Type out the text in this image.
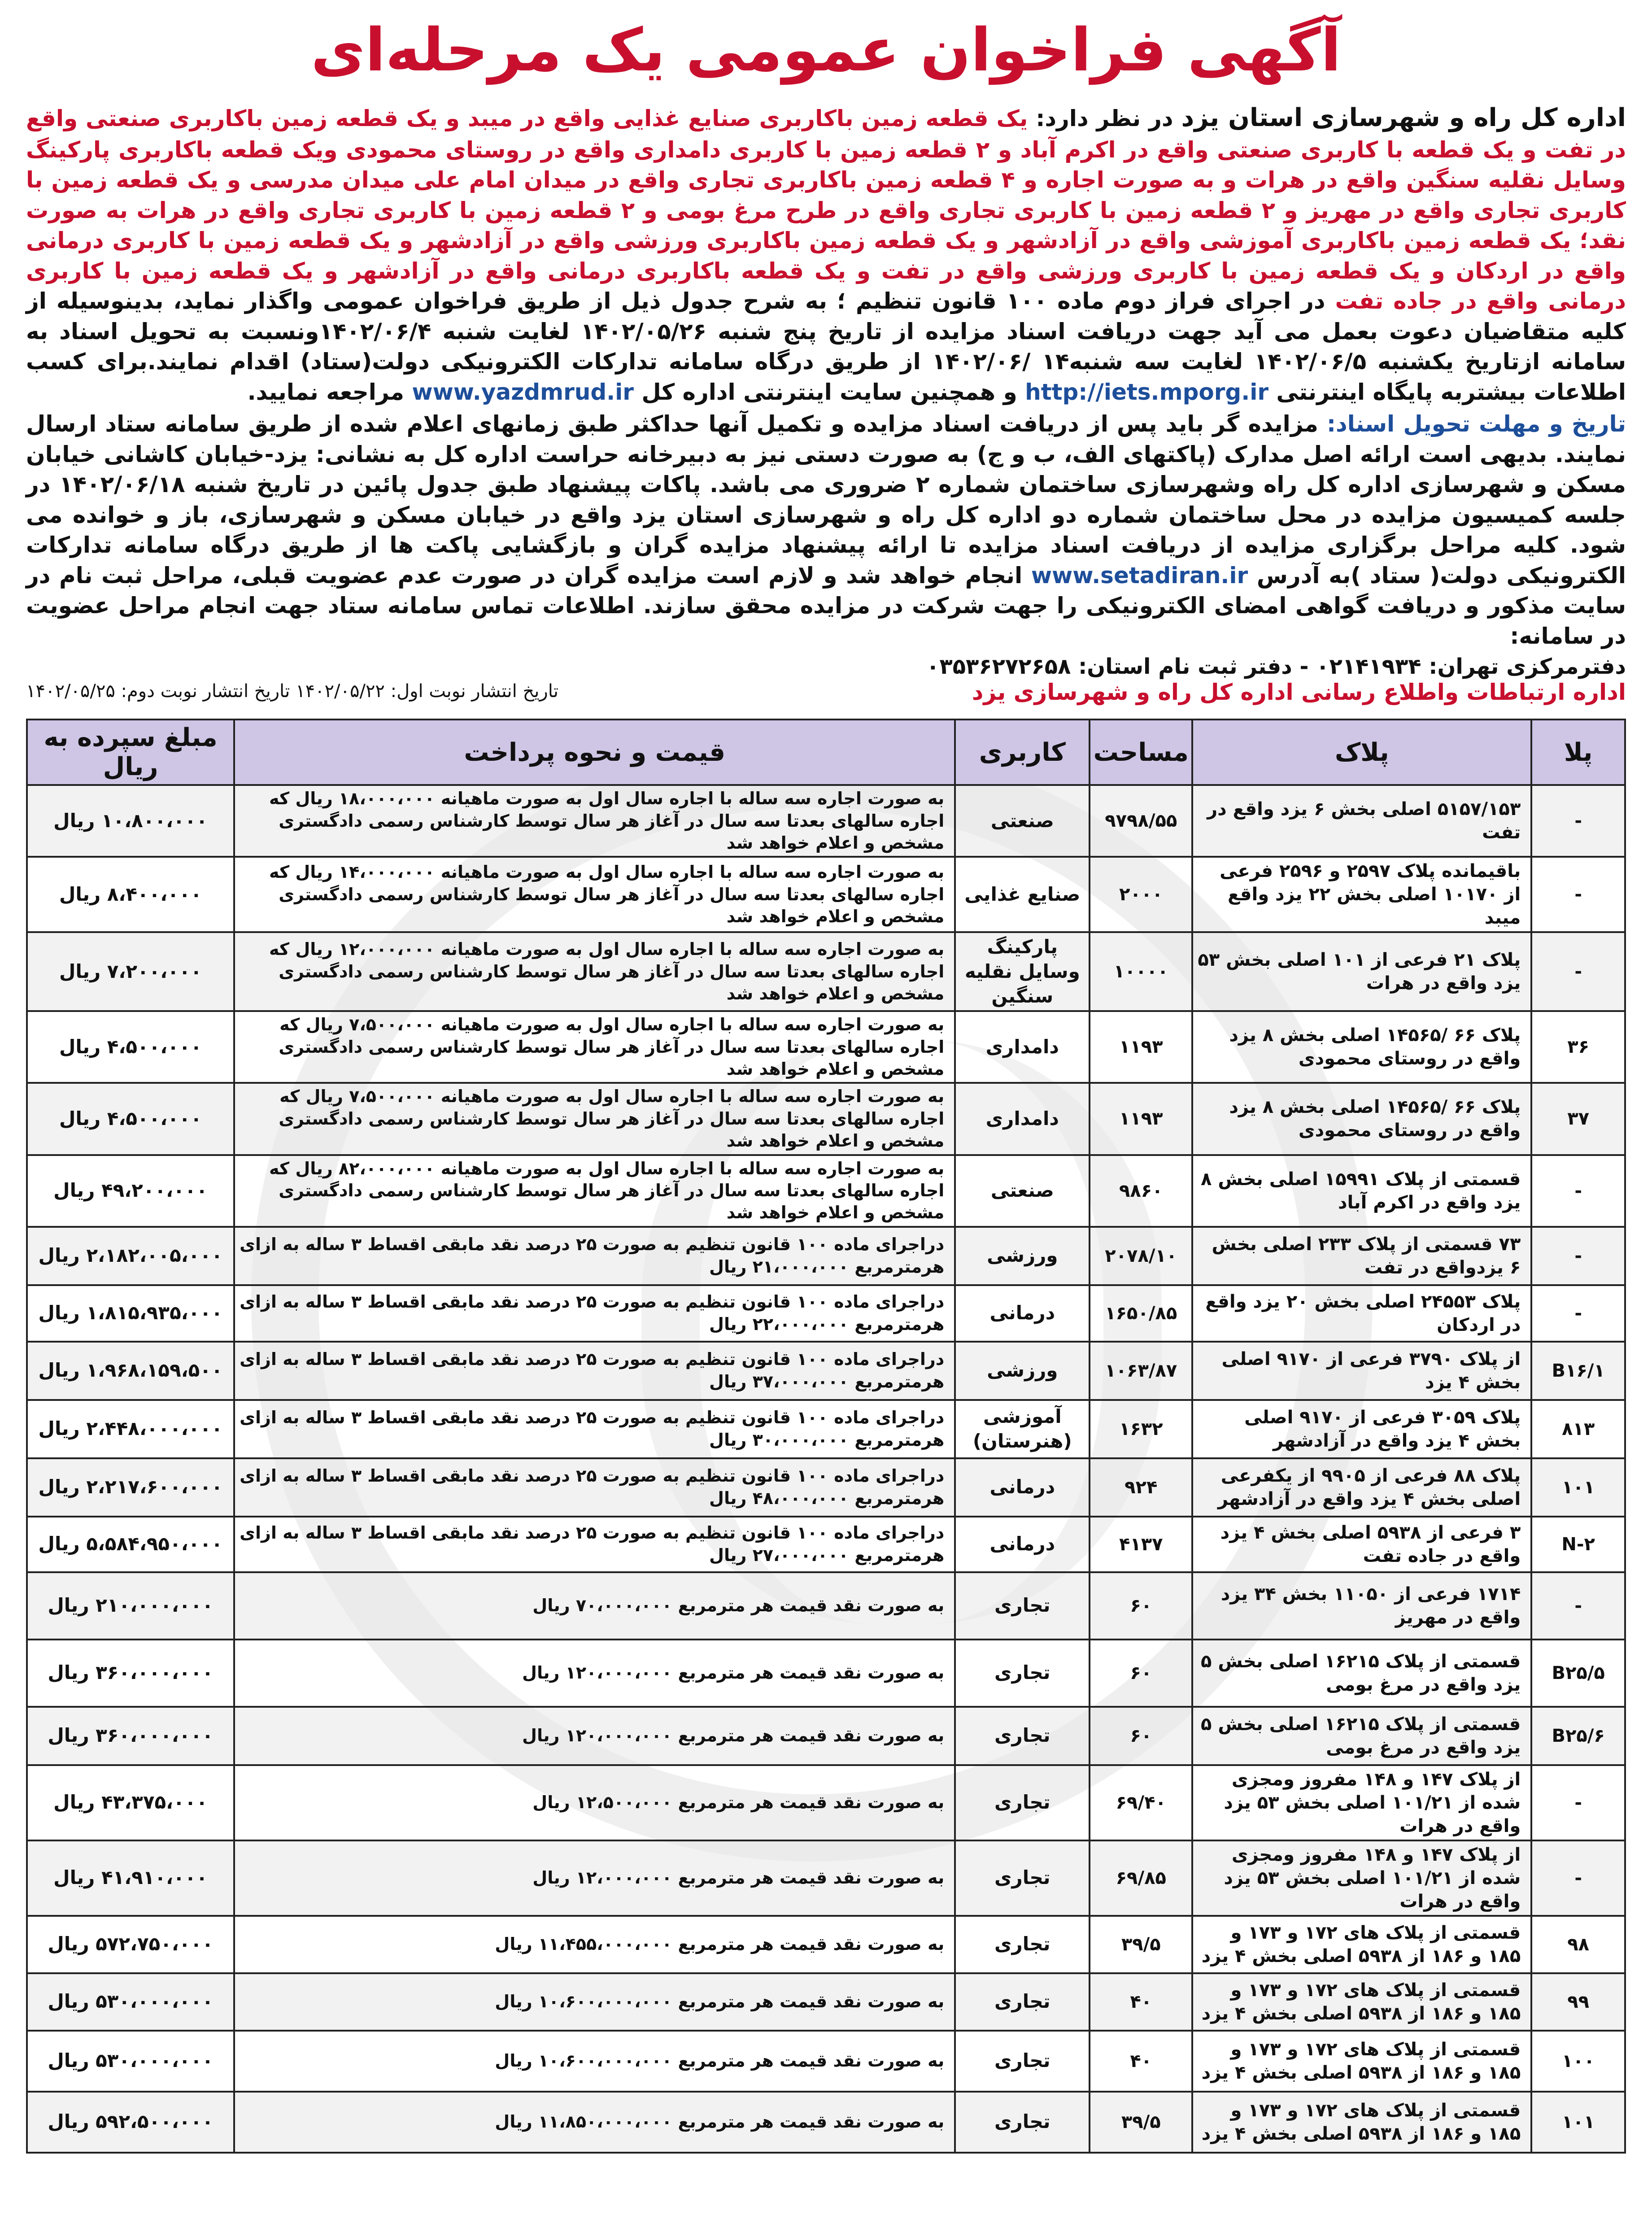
آگهی فراخوان عمومی یک مرحله‌ای

اداره کل راه و شهرسازی استان یزد در نظر دارد: یک قطعه زمین باکاربری صنایع غذایی واقع در میبد و یک قطعه زمین باکاربری صنعتی واقع در تفت و یک قطعه با کاربری صنعتی واقع در اکرم آباد و ۲ قطعه زمین با کاربری دامداری واقع در روستای محمودی ویک قطعه باکاربری پارکینگ وسایل نقلیه سنگین واقع در هرات و به صورت اجاره و ۴ قطعه زمین باکاربری تجاری واقع در میدان امام علی میدان مدرسی و یک قطعه زمین با کاربری تجاری واقع در مهریز و ۲ قطعه زمین با کاربری تجاری واقع در طرح مرغ بومی و ۲ قطعه زمین با کاربری تجاری واقع در هرات به صورت نقد؛ یک قطعه زمین باکاربری آموزشی واقع در آزادشهر و یک قطعه زمین باکاربری ورزشی واقع در آزادشهر و یک قطعه زمین با کاربری درمانی واقع در اردکان و یک قطعه زمین با کاربری ورزشی واقع در تفت و یک قطعه باکاربری درمانی واقع در آزادشهر و یک قطعه زمین با کاربری درمانی واقع در جاده تفت در اجرای فراز دوم ماده ۱۰۰ قانون تنظیم ؛ به شرح جدول ذیل از طریق فراخوان عمومی واگذار نماید، بدینوسیله از کلیه متقاضیان دعوت بعمل می آید جهت دریافت اسناد مزایده از تاریخ پنج شنبه ۱۴۰۲/۰۵/۲۶ لغایت شنبه ۱۴۰۲/۰۶/۴ونسبت به تحویل اسناد به سامانه ازتاریخ یکشنبه ۱۴۰۲/۰۶/۵ لغایت سه شنبه۱۴ /۱۴۰۲/۰۶ از طریق درگاه سامانه تدارکات الکترونیکی دولت(ستاد) اقدام نمایند.برای کسب اطلاعات بیشتربه پایگاه اینترنتی http://iets.mporg.ir و همچنین سایت اینترنتی اداره کل www.yazdmrud.ir مراجعه نمایید.

تاریخ و مهلت تحویل اسناد: مزایده گر باید پس از دریافت اسناد مزایده و تکمیل آنها حداکثر طبق زمانهای اعلام شده از طریق سامانه ستاد ارسال نمایند. بدیهی است ارائه اصل مدارک (پاکتهای الف، ب و ج) به صورت دستی نیز به دبیرخانه حراست اداره کل به نشانی: یزد-خیابان کاشانی خیابان مسکن و شهرسازی اداره کل راه وشهرسازی ساختمان شماره ۲ ضروری می باشد. پاکات پیشنهاد طبق جدول پائین در تاریخ شنبه ۱۴۰۲/۰۶/۱۸ در جلسه کمیسیون مزایده در محل ساختمان شماره دو اداره کل راه و شهرسازی استان یزد واقع در خیابان مسکن و شهرسازی، باز و خوانده می شود. کلیه مراحل برگزاری مزایده از دریافت اسناد مزایده تا ارائه پیشنهاد مزایده گران و بازگشایی پاکت ها از طریق درگاه سامانه تدارکات الکترونیکی دولت( ستاد )به آدرس www.setadiran.ir انجام خواهد شد و لازم است مزایده گران در صورت عدم عضویت قبلی، مراحل ثبت نام در سایت مذکور و دریافت گواهی امضای الکترونیکی را جهت شرکت در مزایده محقق سازند. اطلاعات تماس سامانه ستاد جهت انجام مراحل عضویت در سامانه:

دفترمرکزی تهران: ۰۲۱۴۱۹۳۴ - دفتر ثبت نام استان: ۰۳۵۳۶۲۷۲۶۵۸
اداره ارتباطات واطلاع رسانی اداره کل راه و شهرسازی یزد
تاریخ انتشار نوبت اول: ۱۴۰۲/۰۵/۲۲ تاریخ انتشار نوبت دوم: ۱۴۰۲/۰۵/۲۵
پلا	پلاک	مساحت	کاربری	قیمت و نحوه پرداخت	مبلغ سپرده به ریال
-	۵۱۵۷/۱۵۳ اصلی بخش ۶ یزد واقع در تفت	۹۷۹۸/۵۵	صنعتی	به صورت اجاره سه ساله با اجاره سال اول به صورت ماهیانه ۱۸،۰۰۰،۰۰۰ ریال که اجاره سالهای بعدتا سه سال در آغاز هر سال توسط کارشناس رسمی دادگستری مشخص و اعلام خواهد شد	۱۰،۸۰۰،۰۰۰ ریال
-	باقیمانده پلاک ۲۵۹۷ و ۲۵۹۶ فرعی از ۱۰۱۷۰ اصلی بخش ۲۲ یزد واقع میبد	۲۰۰۰	صنایع غذایی	به صورت اجاره سه ساله با اجاره سال اول به صورت ماهیانه ۱۴،۰۰۰،۰۰۰ ریال که اجاره سالهای بعدتا سه سال در آغاز هر سال توسط کارشناس رسمی دادگستری مشخص و اعلام خواهد شد	۸،۴۰۰،۰۰۰ ریال
-	پلاک ۲۱ فرعی از ۱۰۱ اصلی بخش ۵۳ یزد واقع در هرات	۱۰۰۰۰	پارکینگ وسایل نقلیه سنگین	به صورت اجاره سه ساله با اجاره سال اول به صورت ماهیانه ۱۲،۰۰۰،۰۰۰ ریال که اجاره سالهای بعدتا سه سال در آغاز هر سال توسط کارشناس رسمی دادگستری مشخص و اعلام خواهد شد	۷،۲۰۰،۰۰۰ ریال
۳۶	پلاک ۶۶ /۱۴۵۶۵ اصلی بخش ۸ یزد واقع در روستای محمودی	۱۱۹۳	دامداری	به صورت اجاره سه ساله با اجاره سال اول به صورت ماهیانه ۷،۵۰۰،۰۰۰ ریال که اجاره سالهای بعدتا سه سال در آغاز هر سال توسط کارشناس رسمی دادگستری مشخص و اعلام خواهد شد	۴،۵۰۰،۰۰۰ ریال
۳۷	پلاک ۶۶ /۱۴۵۶۵ اصلی بخش ۸ یزد واقع در روستای محمودی	۱۱۹۳	دامداری	به صورت اجاره سه ساله با اجاره سال اول به صورت ماهیانه ۷،۵۰۰،۰۰۰ ریال که اجاره سالهای بعدتا سه سال در آغاز هر سال توسط کارشناس رسمی دادگستری مشخص و اعلام خواهد شد	۴،۵۰۰،۰۰۰ ریال
-	قسمتی از پلاک ۱۵۹۹۱ اصلی بخش ۸ یزد واقع در اکرم آباد	۹۸۶۰	صنعتی	به صورت اجاره سه ساله با اجاره سال اول به صورت ماهیانه ۸۲،۰۰۰،۰۰۰ ریال که اجاره سالهای بعدتا سه سال در آغاز هر سال توسط کارشناس رسمی دادگستری مشخص و اعلام خواهد شد	۴۹،۲۰۰،۰۰۰ ریال
-	۷۳ قسمتی از پلاک ۲۳۳ اصلی بخش ۶ یزدواقع در تفت	۲۰۷۸/۱۰	ورزشی	دراجرای ماده ۱۰۰ قانون تنظیم به صورت ۲۵ درصد نقد مابقی اقساط ۳ ساله به ازای هرمترمربع ۲۱،۰۰۰،۰۰۰ ریال	۲،۱۸۲،۰۰۵،۰۰۰ ریال
-	پلاک ۲۴۵۵۳ اصلی بخش ۲۰ یزد واقع در اردکان	۱۶۵۰/۸۵	درمانی	دراجرای ماده ۱۰۰ قانون تنظیم به صورت ۲۵ درصد نقد مابقی اقساط ۳ ساله به ازای هرمترمربع ۲۲،۰۰۰،۰۰۰ ریال	۱،۸۱۵،۹۳۵،۰۰۰ ریال
B۱۶/۱	از پلاک ۳۷۹۰ فرعی از ۹۱۷۰ اصلی بخش ۴ یزد	۱۰۶۳/۸۷	ورزشی	دراجرای ماده ۱۰۰ قانون تنظیم به صورت ۲۵ درصد نقد مابقی اقساط ۳ ساله به ازای هرمترمربع ۳۷،۰۰۰،۰۰۰ ریال	۱،۹۶۸،۱۵۹،۵۰۰ ریال
۸۱۳	پلاک ۳۰۵۹ فرعی از ۹۱۷۰ اصلی بخش ۴ یزد واقع در آزادشهر	۱۶۳۲	آموزشی (هنرستان)	دراجرای ماده ۱۰۰ قانون تنظیم به صورت ۲۵ درصد نقد مابقی اقساط ۳ ساله به ازای هرمترمربع ۳۰،۰۰۰،۰۰۰ ریال	۲،۴۴۸،۰۰۰،۰۰۰ ریال
۱۰۱	پلاک ۸۸ فرعی از ۹۹۰۵ از یکفرعی اصلی بخش ۴ یزد واقع در آزادشهر	۹۲۴	درمانی	دراجرای ماده ۱۰۰ قانون تنظیم به صورت ۲۵ درصد نقد مابقی اقساط ۳ ساله به ازای هرمترمربع ۴۸،۰۰۰،۰۰۰ ریال	۲،۲۱۷،۶۰۰،۰۰۰ ریال
N-۲	۳ فرعی از ۵۹۳۸ اصلی بخش ۴ یزد واقع در جاده تفت	۴۱۳۷	درمانی	دراجرای ماده ۱۰۰ قانون تنظیم به صورت ۲۵ درصد نقد مابقی اقساط ۳ ساله به ازای هرمترمربع ۲۷،۰۰۰،۰۰۰ ریال	۵،۵۸۴،۹۵۰،۰۰۰ ریال
-	۱۷۱۴ فرعی از ۱۱۰۵۰ بخش ۳۴ یزد واقع در مهریز	۶۰	تجاری	به صورت نقد قیمت هر مترمربع ۷۰،۰۰۰،۰۰۰ ریال	۲۱۰،۰۰۰،۰۰۰ ریال
B۲۵/۵	قسمتی از پلاک ۱۶۲۱۵ اصلی بخش ۵ یزد واقع در مرغ بومی	۶۰	تجاری	به صورت نقد قیمت هر مترمربع ۱۲۰،۰۰۰،۰۰۰ ریال	۳۶۰،۰۰۰،۰۰۰ ریال
B۲۵/۶	قسمتی از پلاک ۱۶۲۱۵ اصلی بخش ۵ یزد واقع در مرغ بومی	۶۰	تجاری	به صورت نقد قیمت هر مترمربع ۱۲۰،۰۰۰،۰۰۰ ریال	۳۶۰،۰۰۰،۰۰۰ ریال
-	از پلاک ۱۴۷ و ۱۴۸ مفروز ومجزی شده از ۱۰۱/۲۱ اصلی بخش ۵۳ یزد واقع در هرات	۶۹/۴۰	تجاری	به صورت نقد قیمت هر مترمربع ۱۲،۵۰۰،۰۰۰ ریال	۴۳،۳۷۵،۰۰۰ ریال
-	از پلاک ۱۴۷ و ۱۴۸ مفروز ومجزی شده از ۱۰۱/۲۱ اصلی بخش ۵۳ یزد واقع در هرات	۶۹/۸۵	تجاری	به صورت نقد قیمت هر مترمربع ۱۲،۰۰۰،۰۰۰ ریال	۴۱،۹۱۰،۰۰۰ ریال
۹۸	قسمتی از پلاک های ۱۷۲ و ۱۷۳ و ۱۸۵ و ۱۸۶ از ۵۹۳۸ اصلی بخش ۴ یزد	۳۹/۵	تجاری	به صورت نقد قیمت هر مترمربع ۱۱،۴۵۵،۰۰۰،۰۰۰ ریال	۵۷۲،۷۵۰،۰۰۰ ریال
۹۹	قسمتی از پلاک های ۱۷۲ و ۱۷۳ و ۱۸۵ و ۱۸۶ از ۵۹۳۸ اصلی بخش ۴ یزد	۴۰	تجاری	به صورت نقد قیمت هر مترمربع ۱۰،۶۰۰،۰۰۰،۰۰۰ ریال	۵۳۰،۰۰۰،۰۰۰ ریال
۱۰۰	قسمتی از پلاک های ۱۷۲ و ۱۷۳ و ۱۸۵ و ۱۸۶ از ۵۹۳۸ اصلی بخش ۴ یزد	۴۰	تجاری	به صورت نقد قیمت هر مترمربع ۱۰،۶۰۰،۰۰۰،۰۰۰ ریال	۵۳۰،۰۰۰،۰۰۰ ریال
۱۰۱	قسمتی از پلاک های ۱۷۲ و ۱۷۳ و ۱۸۵ و ۱۸۶ از ۵۹۳۸ اصلی بخش ۴ یزد	۳۹/۵	تجاری	به صورت نقد قیمت هر مترمربع ۱۱،۸۵۰،۰۰۰،۰۰۰ ریال	۵۹۲،۵۰۰،۰۰۰ ریال
